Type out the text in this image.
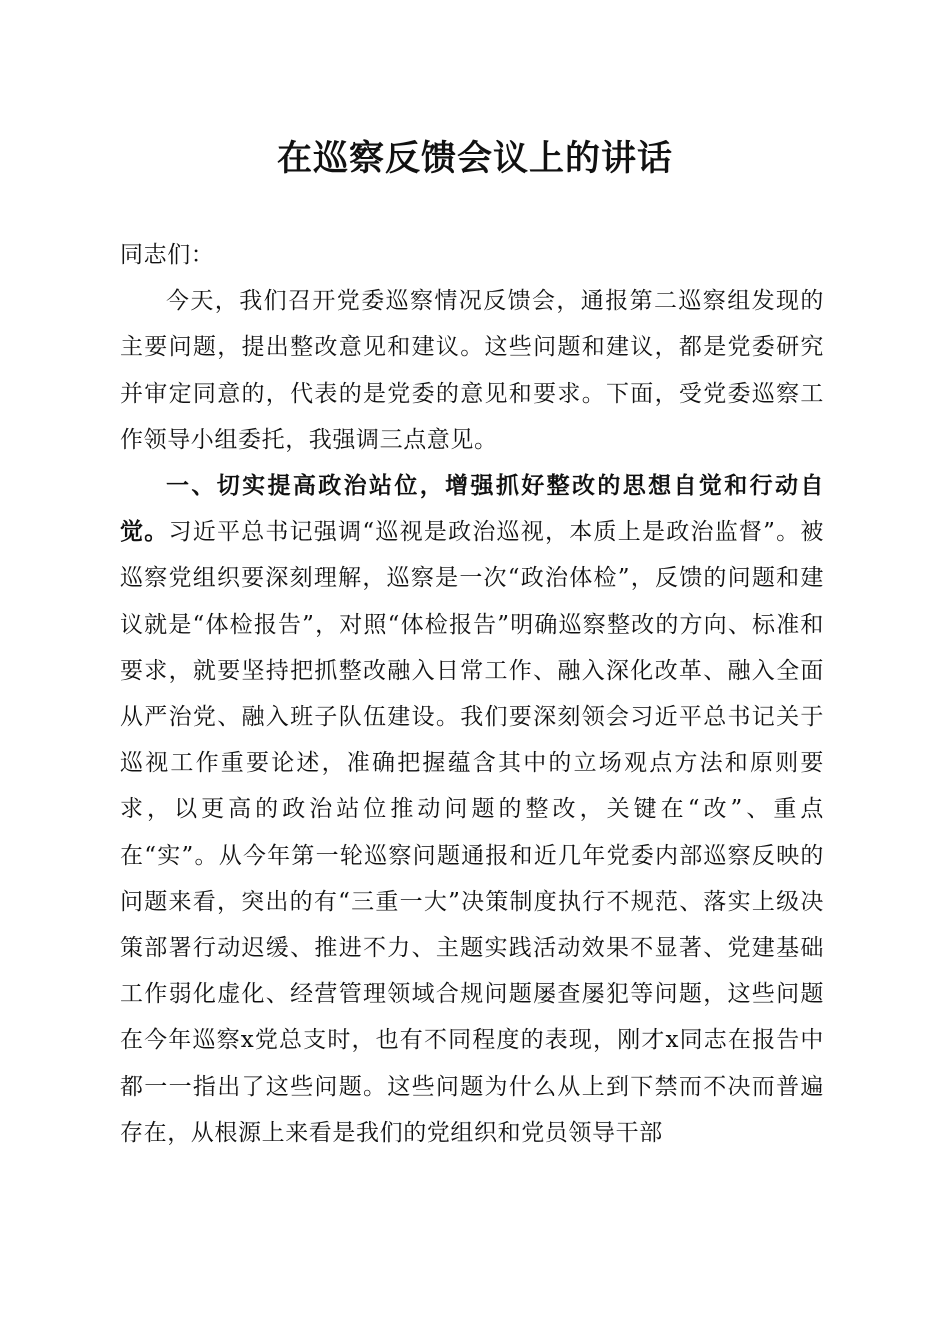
在巡察反馈会议上的讲话

同志们：

今天，我们召开党委巡察情况反馈会，通报第二巡察组发现的主要问题，提出整改意见和建议。这些问题和建议，都是党委研究并审定同意的，代表的是党委的意见和要求。下面，受党委巡察工作领导小组委托，我强调三点意见。

一、切实提高政治站位，增强抓好整改的思想自觉和行动自觉。习近平总书记强调“巡视是政治巡视，本质上是政治监督”。被巡察党组织要深刻理解，巡察是一次“政治体检”，反馈的问题和建议就是“体检报告”，对照“体检报告”明确巡察整改的方向、标准和要求，就要坚持把抓整改融入日常工作、融入深化改革、融入全面从严治党、融入班子队伍建设。我们要深刻领会习近平总书记关于巡视工作重要论述，准确把握蕴含其中的立场观点方法和原则要求，以更高的政治站位推动问题的整改，关键在“改”、重点在“实”。从今年第一轮巡察问题通报和近几年党委内部巡察反映的问题来看，突出的有“三重一大”决策制度执行不规范、落实上级决策部署行动迟缓、推进不力、主题实践活动效果不显著、党建基础工作弱化虚化、经营管理领域合规问题屡查屡犯等问题，这些问题在今年巡察x党总支时，也有不同程度的表现，刚才x同志在报告中都一一指出了这些问题。这些问题为什么从上到下禁而不决而普遍存在，从根源上来看是我们的党组织和党员领导干部
